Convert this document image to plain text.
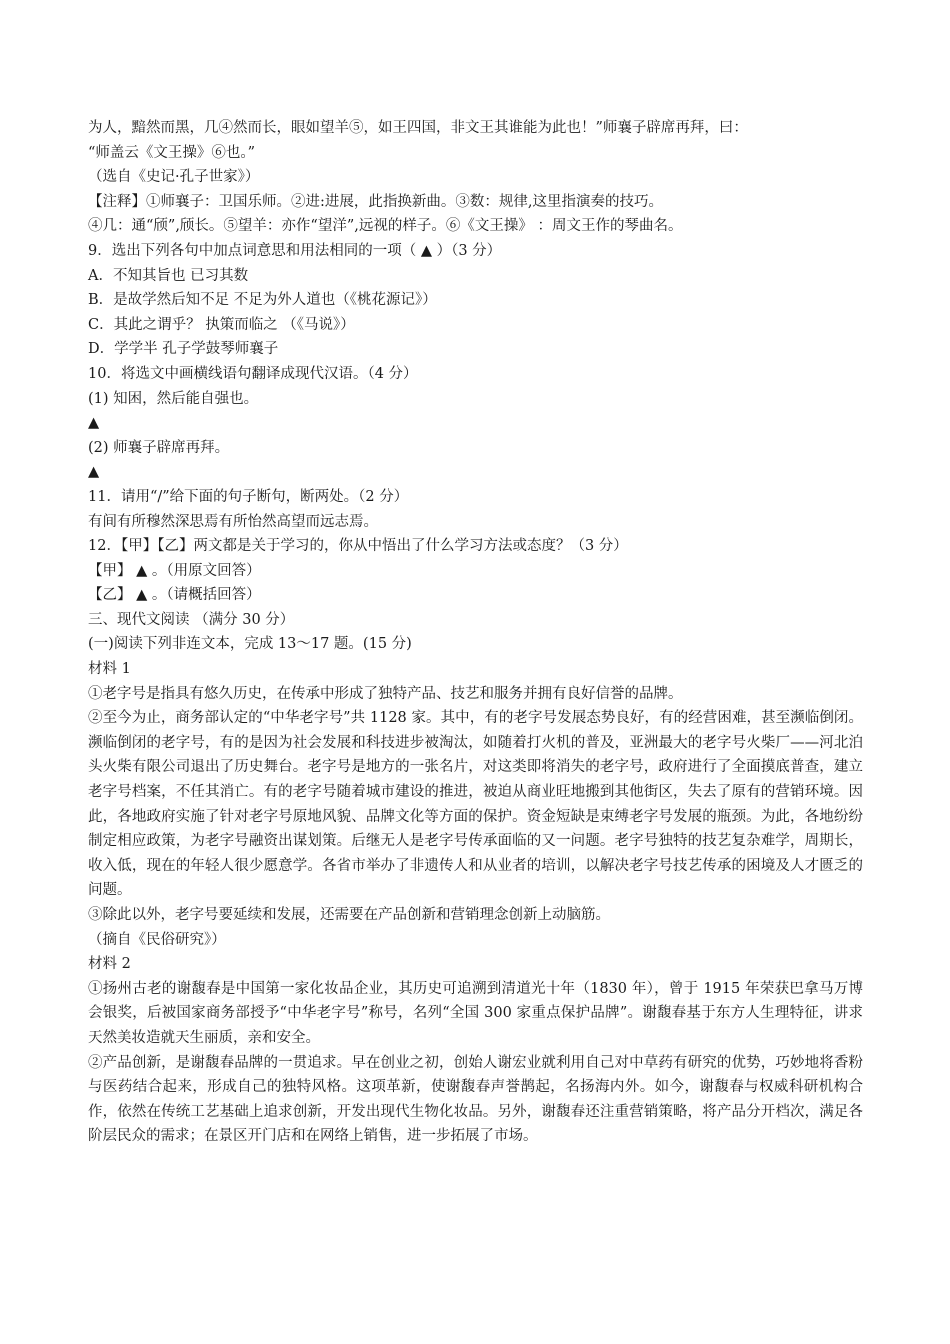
为人，黯然而黑，几④然而长，眼如望羊⑤，如王四国，非文王其谁能为此也！”师襄子辟席再拜，曰：
“师盖云《文王操》⑥也。”
（选自《史记·孔子世家》）
【注释】①师襄子：卫国乐师。②进:进展，此指换新曲。③数：规律,这里指演奏的技巧。
④几：通“颀”,颀长。⑤望羊：亦作“望洋”,远视的样子。⑥《文王操》 ：周文王作的琴曲名。
9．选出下列各句中加点词意思和用法相同的一项（ ▲ ）（3 分）
A．不知其旨也 已习其数
B．是故学然后知不足 不足为外人道也（《桃花源记》）
C．其此之谓乎？ 执策而临之 （《马说》）
D．学学半 孔子学鼓琴师襄子
10．将选文中画横线语句翻译成现代汉语。（4 分）
(1) 知困，然后能自强也。
▲
(2) 师襄子辟席再拜。
▲
11．请用“/”给下面的句子断句，断两处。（2 分）
有间有所穆然深思焉有所怡然高望而远志焉。
12．【甲】【乙】两文都是关于学习的，你从中悟出了什么学习方法或态度？（3 分）
【甲】 ▲ 。（用原文回答）
【乙】 ▲ 。（请概括回答）
三、现代文阅读 （满分 30 分）
(一)阅读下列非连文本，完成 13～17 题。(15 分)
材料 1
①老字号是指具有悠久历史，在传承中形成了独特产品、技艺和服务并拥有良好信誉的品牌。
②至今为止，商务部认定的“中华老字号”共 1128 家。其中，有的老字号发展态势良好，有的经营困难，甚至濒临倒闭。濒临倒闭的老字号，有的是因为社会发展和科技进步被淘汰，如随着打火机的普及，亚洲最大的老字号火柴厂——河北泊头火柴有限公司退出了历史舞台。老字号是地方的一张名片，对这类即将消失的老字号，政府进行了全面摸底普查，建立老字号档案，不任其消亡。有的老字号随着城市建设的推进，被迫从商业旺地搬到其他街区，失去了原有的营销环境。因此，各地政府实施了针对老字号原地风貌、品牌文化等方面的保护。资金短缺是束缚老字号发展的瓶颈。为此，各地纷纷制定相应政策，为老字号融资出谋划策。后继无人是老字号传承面临的又一问题。老字号独特的技艺复杂难学，周期长，收入低，现在的年轻人很少愿意学。各省市举办了非遗传人和从业者的培训，以解决老字号技艺传承的困境及人才匮乏的问题。
③除此以外，老字号要延续和发展，还需要在产品创新和营销理念创新上动脑筋。
（摘自《民俗研究》）
材料 2
①扬州古老的谢馥春是中国第一家化妆品企业，其历史可追溯到清道光十年（1830 年），曾于 1915 年荣获巴拿马万博会银奖，后被国家商务部授予“中华老字号”称号，名列“全国 300 家重点保护品牌”。谢馥春基于东方人生理特征，讲求天然美妆造就天生丽质，亲和安全。
②产品创新，是谢馥春品牌的一贯追求。早在创业之初，创始人谢宏业就利用自己对中草药有研究的优势，巧妙地将香粉与医药结合起来，形成自己的独特风格。这项革新，使谢馥春声誉鹊起，名扬海内外。如今，谢馥春与权威科研机构合作，依然在传统工艺基础上追求创新，开发出现代生物化妆品。另外，谢馥春还注重营销策略，将产品分开档次，满足各阶层民众的需求；在景区开门店和在网络上销售，进一步拓展了市场。
